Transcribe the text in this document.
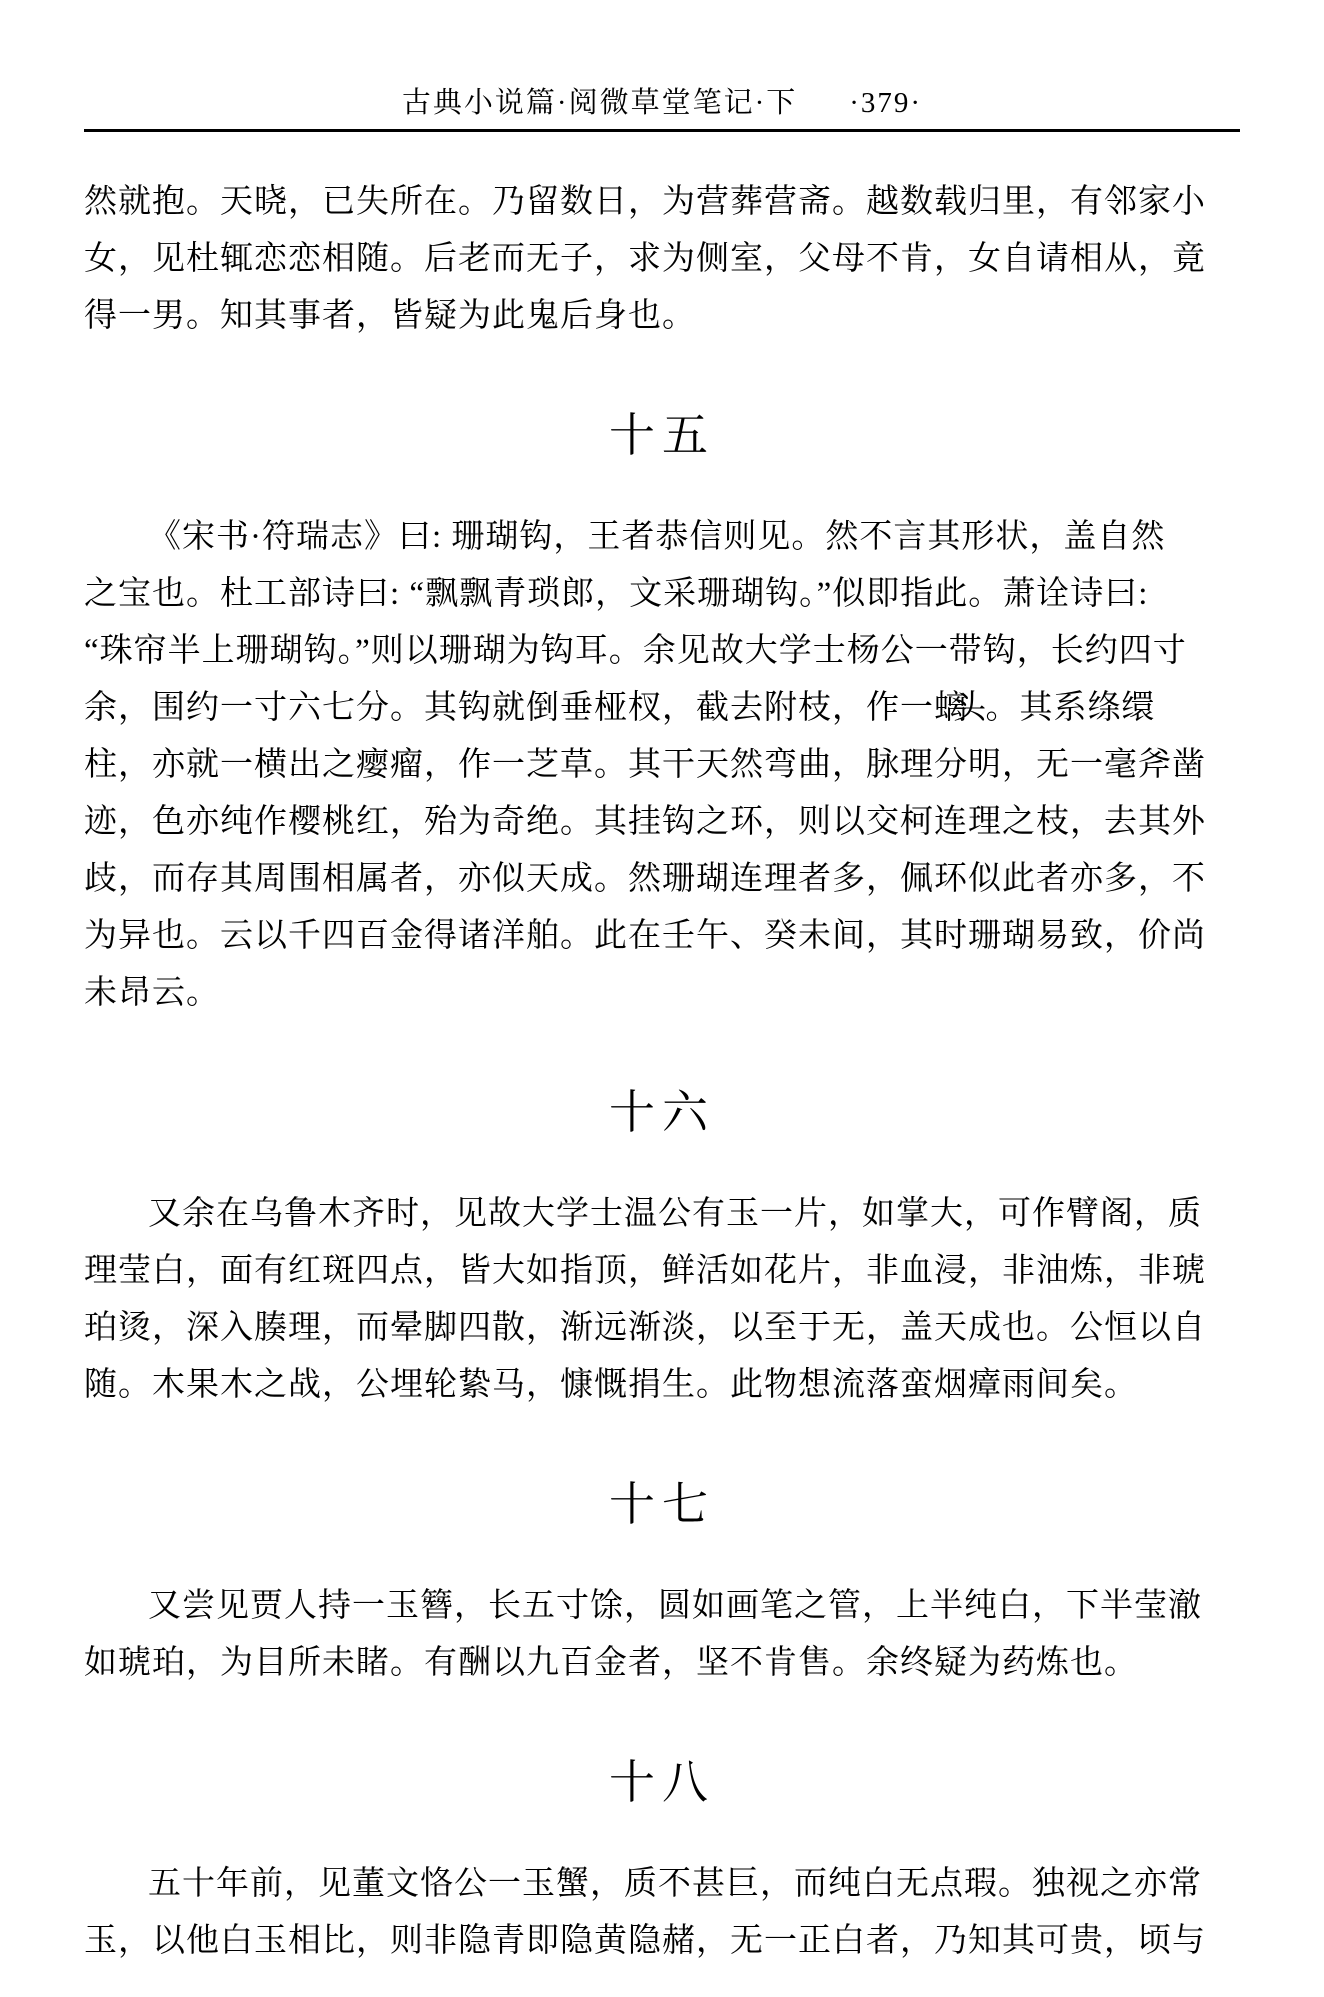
古典小说篇·阅微草堂笔记·下 ·379·
然就抱。天晓，已失所在。乃留数日，为营葬营斋。越数载归里，有邻家小
女，见杜辄恋恋相随。后老而无子，求为侧室，父母不肯，女自请相从，竟
得一男。知其事者，皆疑为此鬼后身也。
十五
《宋书·符瑞志》曰: 珊瑚钩，王者恭信则见。然不言其形状，盖自然
之宝也。杜工部诗曰: “飘飘青琐郎，文采珊瑚钩。”似即指此。萧诠诗曰:
“珠帘半上珊瑚钩。”则以珊瑚为钩耳。余见故大学士杨公一带钩，长约四寸
余，围约一寸六七分。其钩就倒垂桠杈，截去附枝，作一螭头 。其系绦缳
柱，亦就一横出之瘿瘤，作一芝草。其干天然弯曲，脉理分明，无一毫斧凿
迹，色亦纯作樱桃红，殆为奇绝。其挂钩之环，则以交柯连理之枝，去其外
歧，而存其周围相属者，亦似天成。然珊瑚连理者多，佩环似此者亦多，不
为异也。云以千四百金得诸洋舶。此在壬午、癸未间，其时珊瑚易致，价尚
未昂云。
十六
又余在乌鲁木齐时，见故大学士温公有玉一片，如掌大，可作臂阁，质
理莹白，面有红斑四点，皆大如指顶，鲜活如花片，非血浸，非油炼，非琥
珀烫，深入腠理，而晕脚四散，渐远渐淡，以至于无，盖天成也。公恒以自
随。木果木之战，公埋轮絷马，慷慨捐生。此物想流落蛮烟瘴雨间矣。
十七
又尝见贾人持一玉簪，长五寸馀，圆如画笔之管，上半纯白，下半莹澈
如琥珀，为目所未睹。有酬以九百金者，坚不肯售。余终疑为药炼也。
十八
五十年前，见董文恪公一玉蟹，质不甚巨，而纯白无点瑕。独视之亦常
玉，以他白玉相比，则非隐青即隐黄隐赭，无一正白者，乃知其可贵，顷与
